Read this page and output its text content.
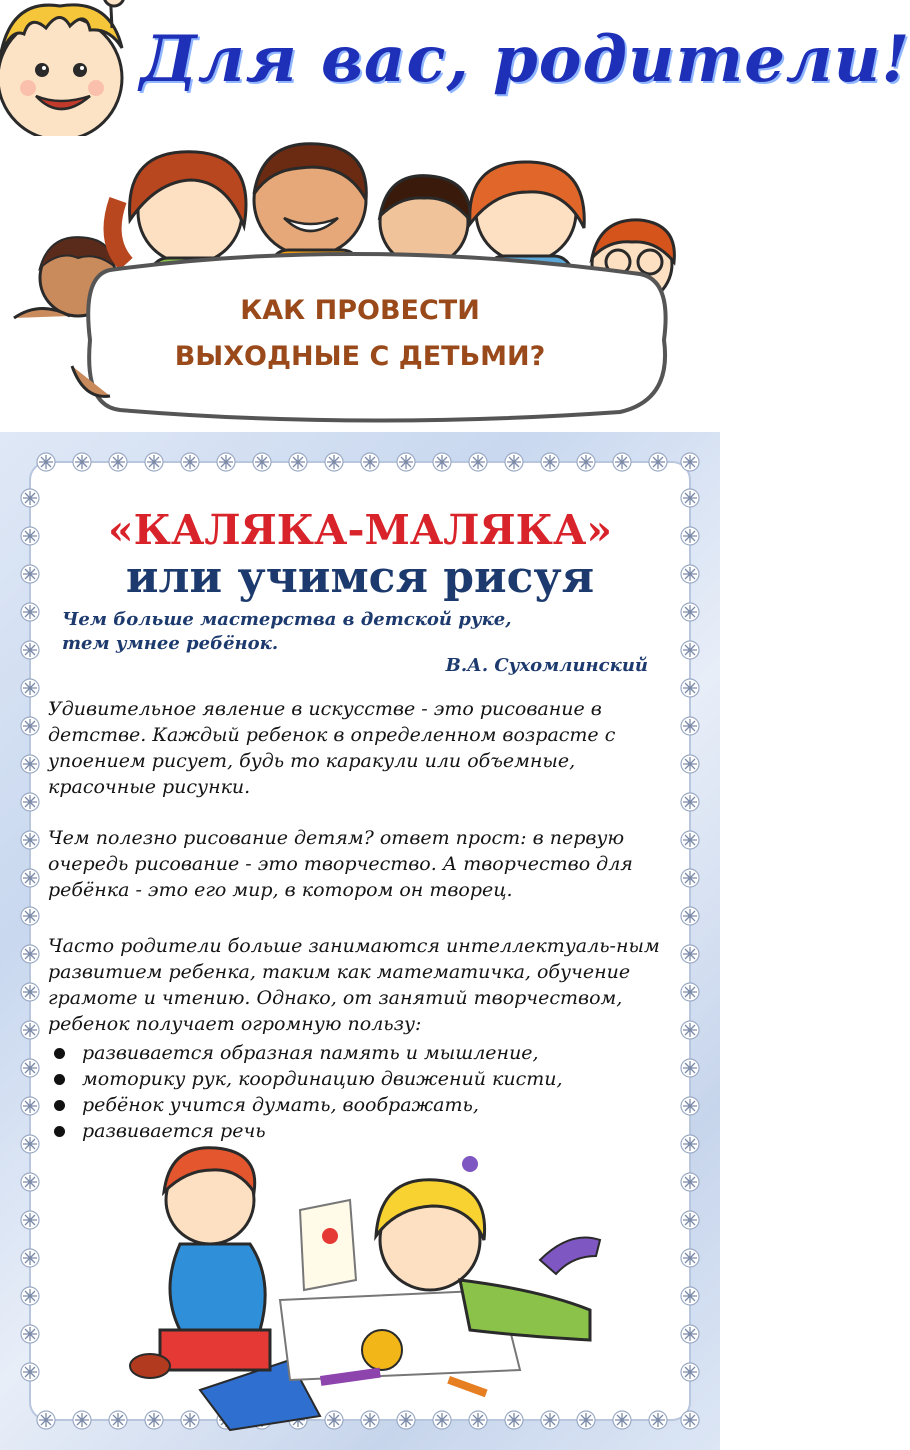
Для вас, родители!
КАК ПРОВЕСТИ
ВЫХОДНЫЕ С ДЕТЬМИ?
«КАЛЯКА-МАЛЯКА»
или учимся рисуя
Чем больше мастерства в детской руке,
тем умнее ребёнок.
В.А. Сухомлинский
Удивительное явление в искусстве - это рисование в детстве. Каждый ребенок в определенном возрасте с упоением рисует, будь то каракули или объемные, красочные рисунки.
Чем полезно рисование детям? ответ прост: в первую очередь рисование - это творчество. А творчество для ребёнка - это его мир, в котором он творец.
Часто родители больше занимаются интеллектуаль-ным развитием ребенка, таким как математичка, обучение грамоте и чтению. Однако, от занятий творчеством, ребенок получает огромную пользу:
развивается образная память и мышление,
моторику рук, координацию движений кисти,
ребёнок учится думать, воображать,
развивается речь
